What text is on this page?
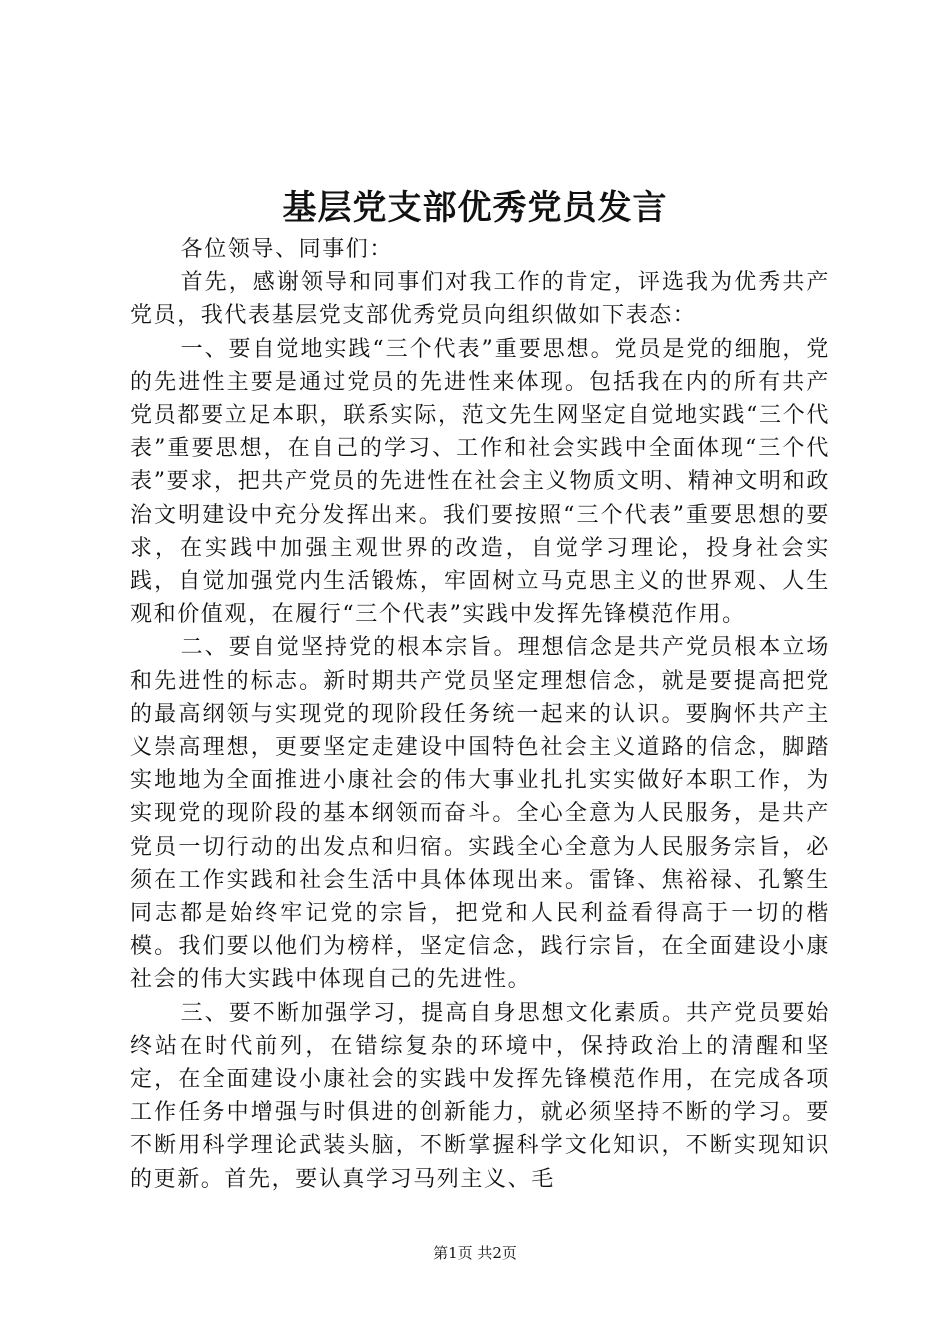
基层党支部优秀党员发言

各位领导、同事们：

首先，感谢领导和同事们对我工作的肯定，评选我为优秀共产党员，我代表基层党支部优秀党员向组织做如下表态：

一、要自觉地实践“三个代表”重要思想。党员是党的细胞，党的先进性主要是通过党员的先进性来体现。包括我在内的所有共产党员都要立足本职，联系实际，范文先生网坚定自觉地实践“三个代表”重要思想，在自己的学习、工作和社会实践中全面体现“三个代表”要求，把共产党员的先进性在社会主义物质文明、精神文明和政治文明建设中充分发挥出来。我们要按照“三个代表”重要思想的要求，在实践中加强主观世界的改造，自觉学习理论，投身社会实践，自觉加强党内生活锻炼，牢固树立马克思主义的世界观、人生观和价值观，在履行“三个代表”实践中发挥先锋模范作用。

二、要自觉坚持党的根本宗旨。理想信念是共产党员根本立场和先进性的标志。新时期共产党员坚定理想信念，就是要提高把党的最高纲领与实现党的现阶段任务统一起来的认识。要胸怀共产主义崇高理想，更要坚定走建设中国特色社会主义道路的信念，脚踏实地地为全面推进小康社会的伟大事业扎扎实实做好本职工作，为实现党的现阶段的基本纲领而奋斗。全心全意为人民服务，是共产党员一切行动的出发点和归宿。实践全心全意为人民服务宗旨，必须在工作实践和社会生活中具体体现出来。雷锋、焦裕禄、孔繁生同志都是始终牢记党的宗旨，把党和人民利益看得高于一切的楷模。我们要以他们为榜样，坚定信念，践行宗旨，在全面建设小康社会的伟大实践中体现自己的先进性。

三、要不断加强学习，提高自身思想文化素质。共产党员要始终站在时代前列，在错综复杂的环境中，保持政治上的清醒和坚定，在全面建设小康社会的实践中发挥先锋模范作用，在完成各项工作任务中增强与时俱进的创新能力，就必须坚持不断的学习。要不断用科学理论武装头脑，不断掌握科学文化知识，不断实现知识的更新。首先，要认真学习马列主义、毛

第1页 共2页
